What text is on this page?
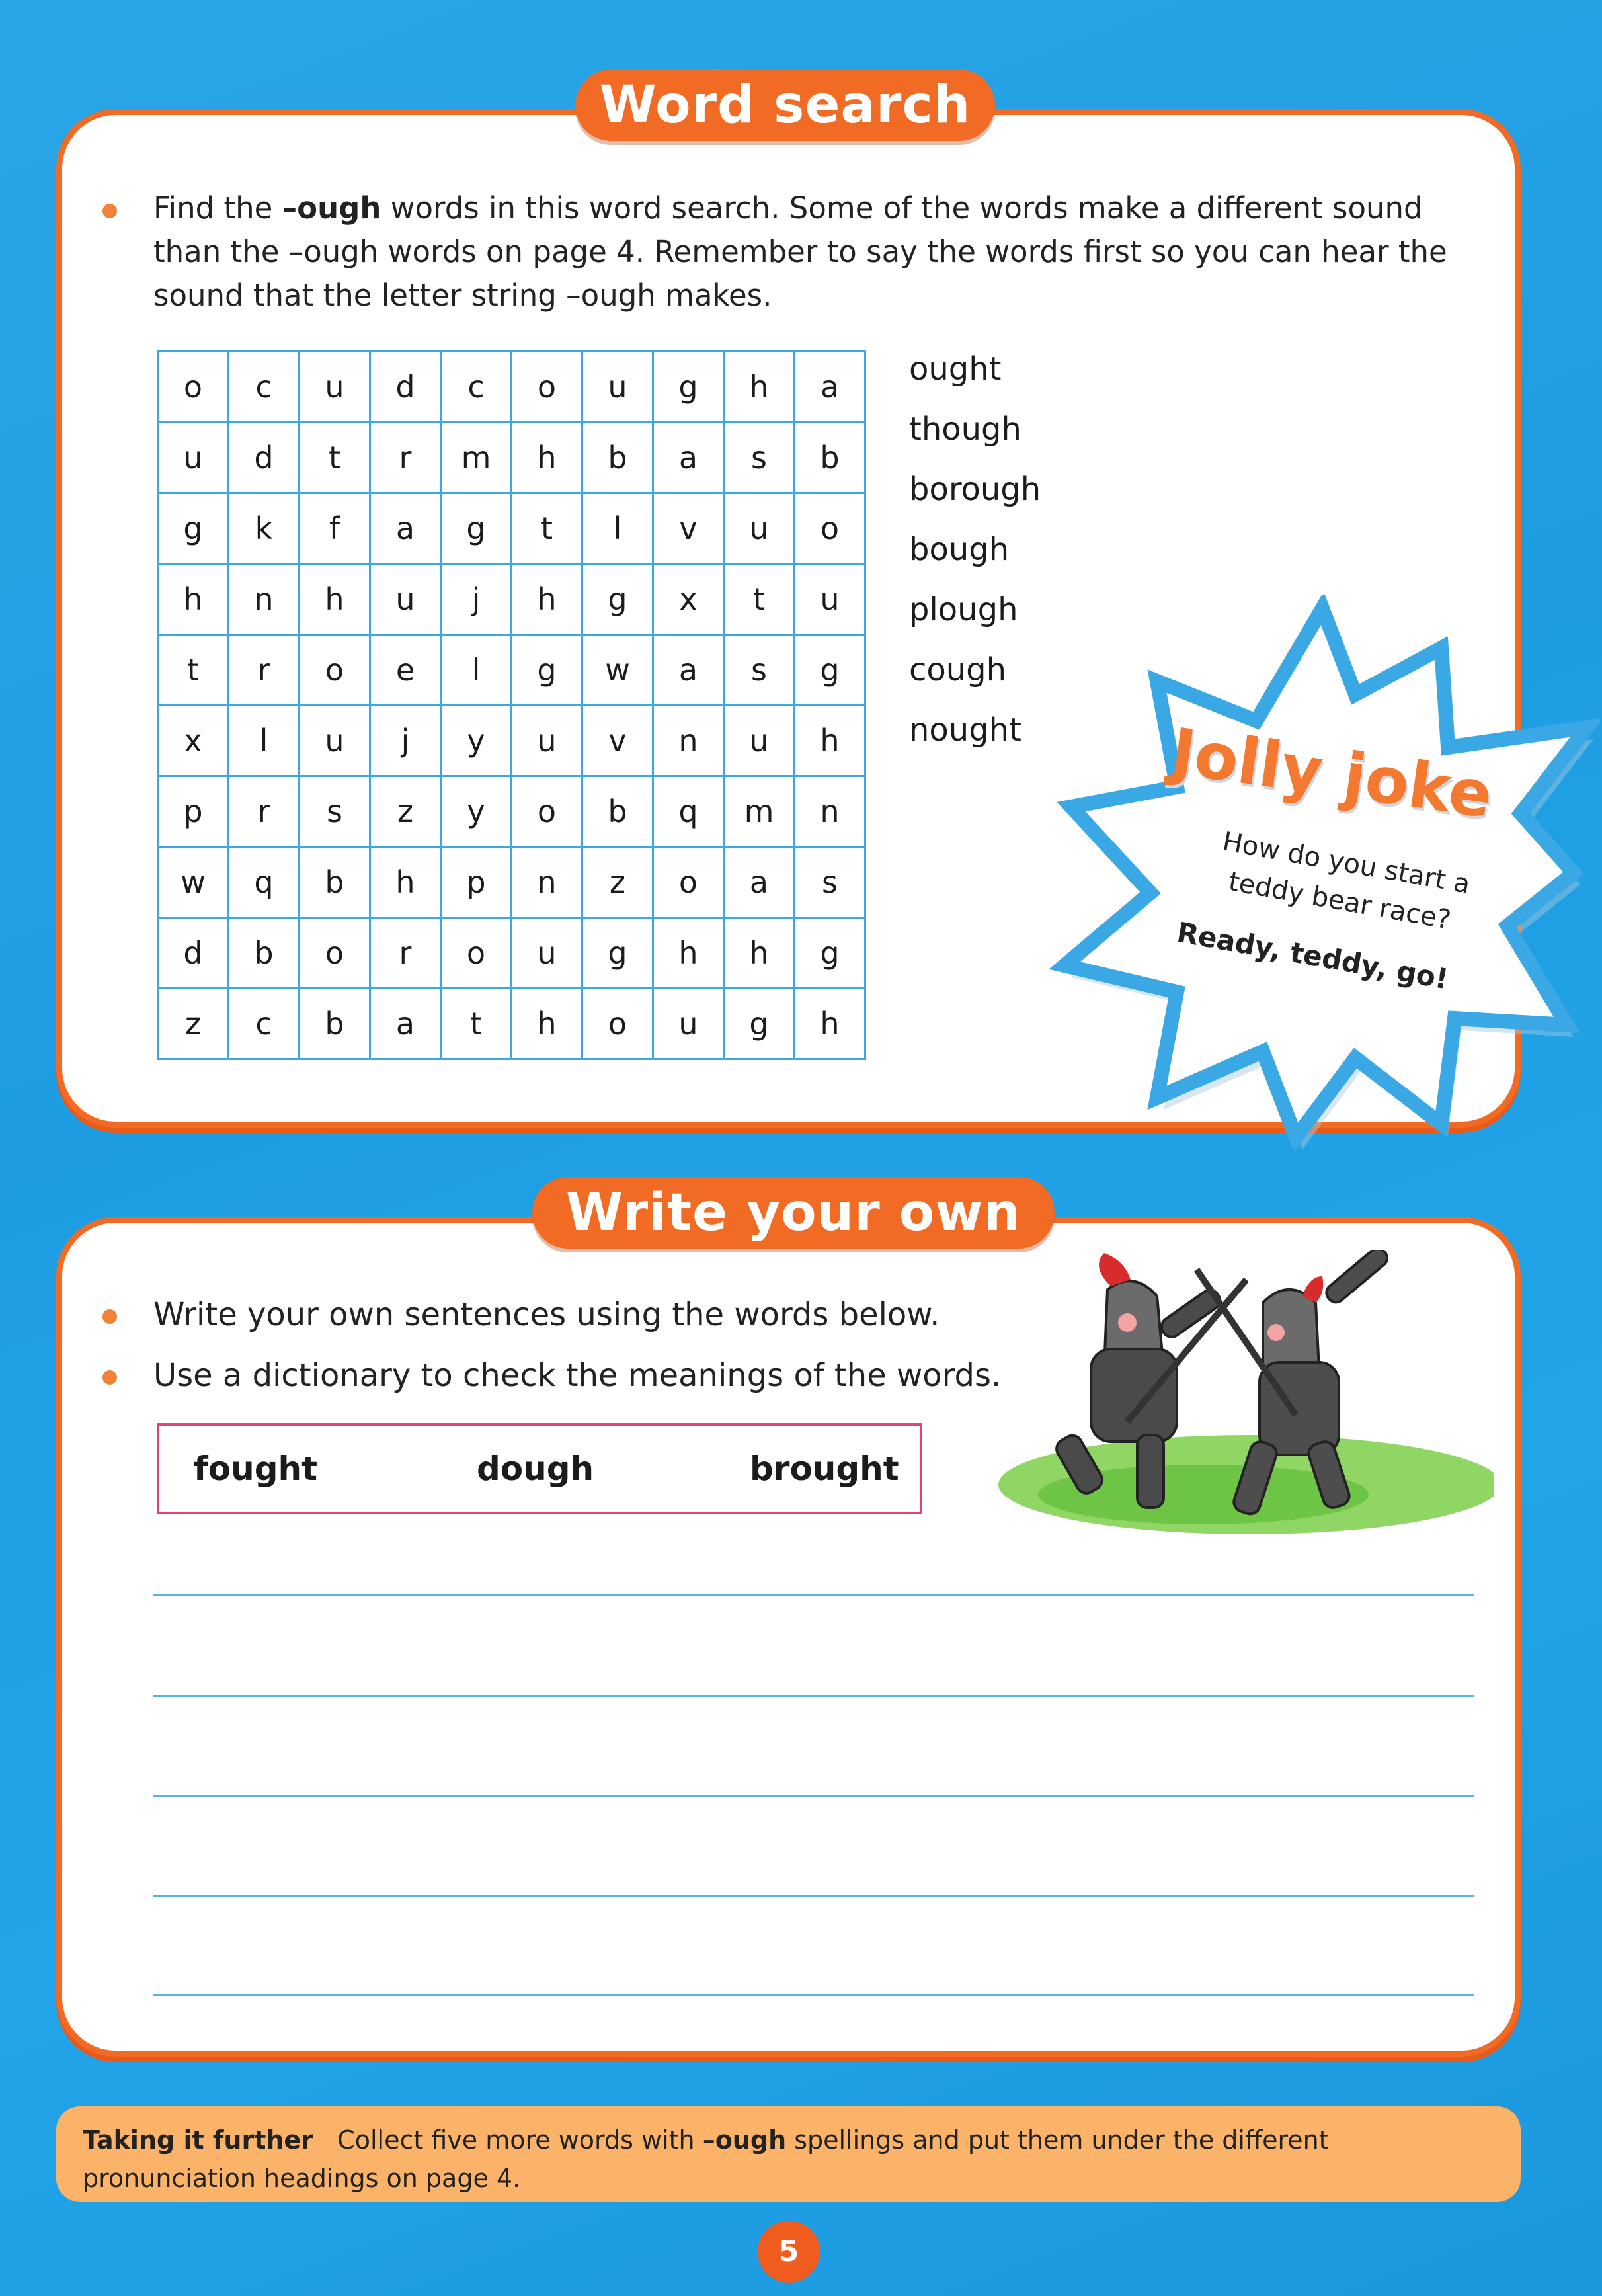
Word search
Find the –ough words in this word search. Some of the words make a different sound than the –ough words on page 4. Remember to say the words first so you can hear the sound that the letter string –ough makes.
o	c	u	d	c	o	u	g	h	a
u	d	t	r	m	h	b	a	s	b
g	k	f	a	g	t	l	v	u	o
h	n	h	u	j	h	g	x	t	u
t	r	o	e	l	g	w	a	s	g
x	l	u	j	y	u	v	n	u	h
p	r	s	z	y	o	b	q	m	n
w	q	b	h	p	n	z	o	a	s
d	b	o	r	o	u	g	h	h	g
z	c	b	a	t	h	o	u	g	h
ought
though
borough
bough
plough
cough
nought	Jolly joke
How do you start a teddy bear race?
Ready, teddy, go!
Write your own
Write your own sentences using the words below.
Use a dictionary to check the meanings of the words.
fought	dough	brought
Taking it further Collect five more words with –ough spellings and put them under the different pronunciation headings on page 4.
5
